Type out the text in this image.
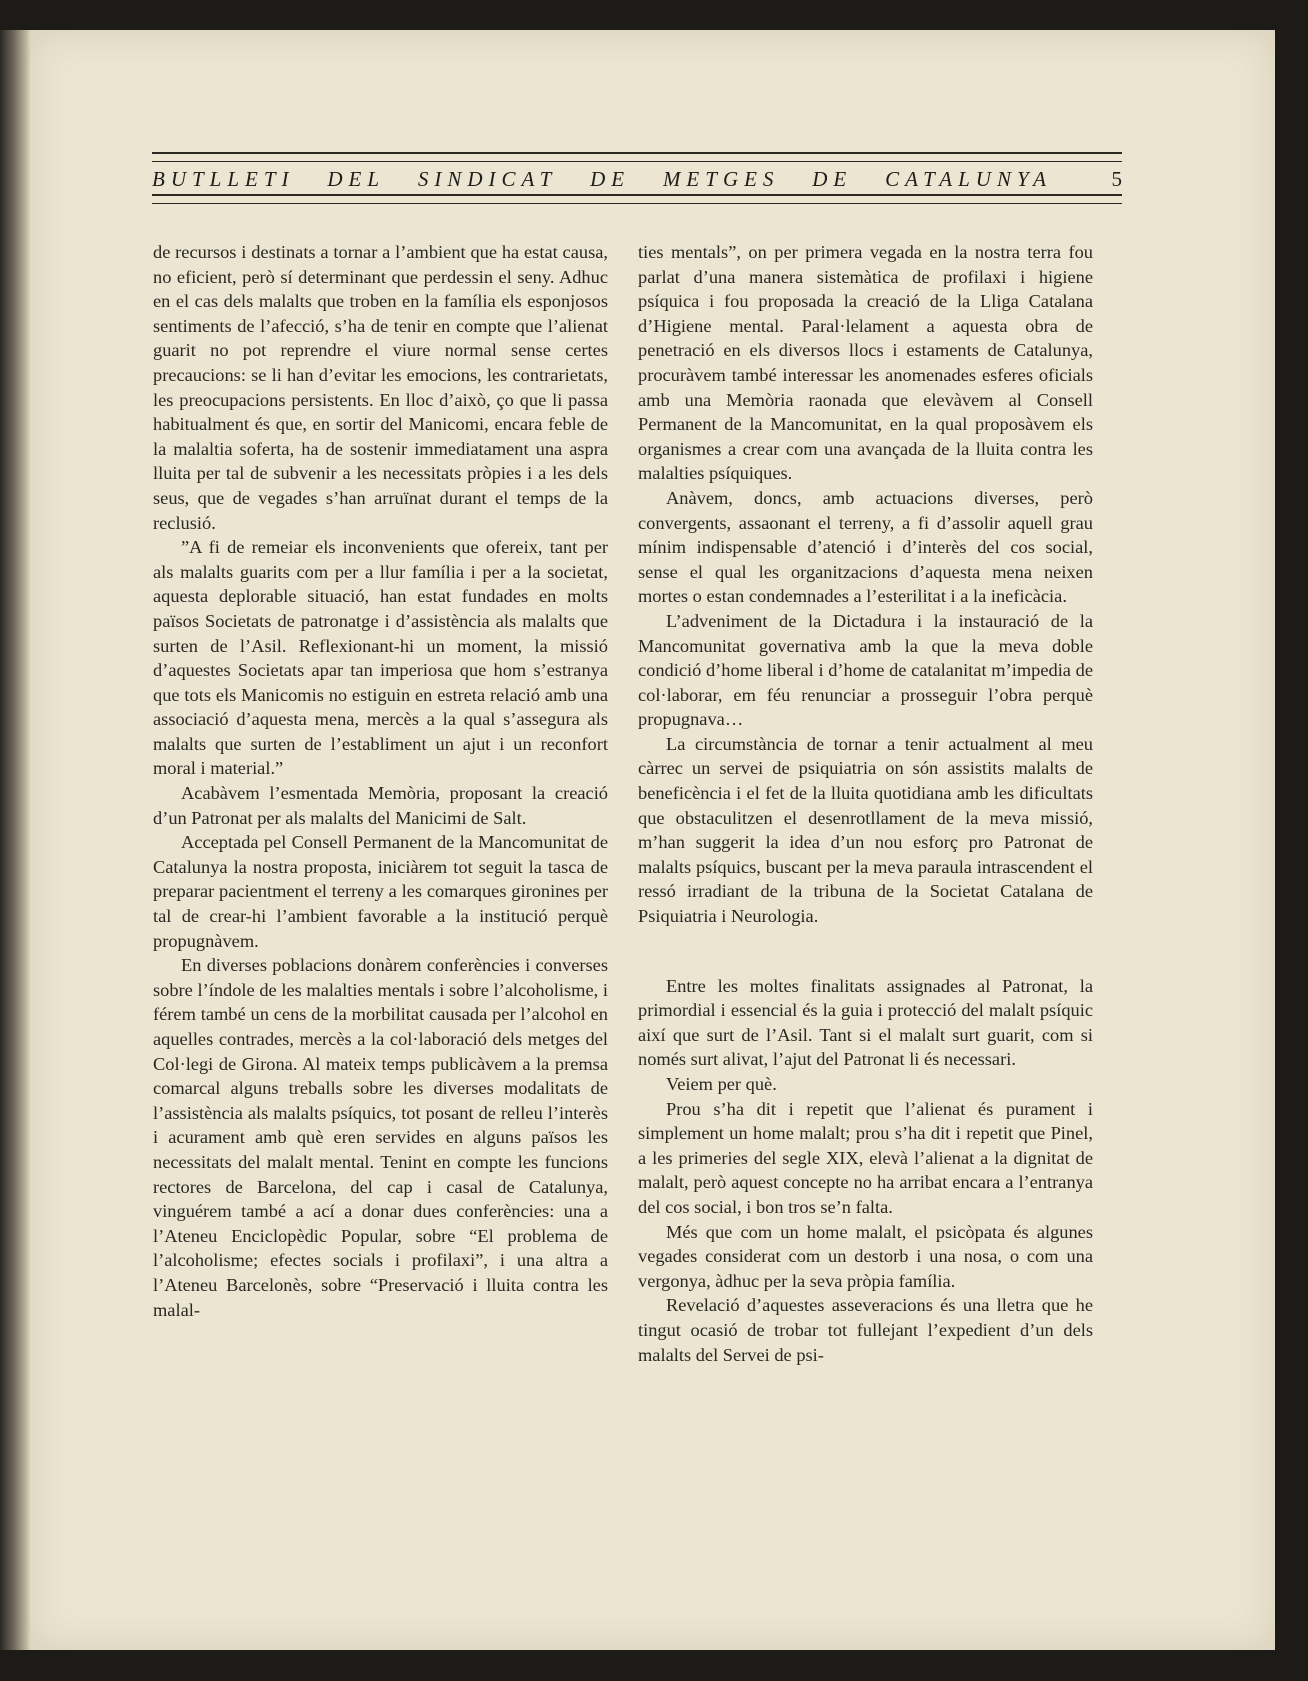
BUTLLETI DEL SINDICAT DE METGES DE CATALUNYA	5

de recursos i destinats a tornar a l’ambient que ha estat causa, no eficient, però sí determinant que perdessin el seny. Adhuc en el cas dels malalts que troben en la família els esponjosos sentiments de l’afecció, s’ha de tenir en compte que l’alienat guarit no pot reprendre el viure normal sense certes precaucions: se li han d’evitar les emocions, les contrarietats, les preocupacions persistents. En lloc d’això, ço que li passa habitualment és que, en sortir del Manicomi, encara feble de la malaltia soferta, ha de sostenir immediatament una aspra lluita per tal de subvenir a les necessitats pròpies i a les dels seus, que de vegades s’han arruïnat durant el temps de la reclusió.

”A fi de remeiar els inconvenients que ofereix, tant per als malalts guarits com per a llur família i per a la societat, aquesta deplorable situació, han estat fundades en molts països Societats de patronatge i d’assistència als malalts que surten de l’Asil. Reflexionant-hi un moment, la missió d’aquestes Societats apar tan imperiosa que hom s’estranya que tots els Manicomis no estiguin en estreta relació amb una associació d’aquesta mena, mercès a la qual s’assegura als malalts que surten de l’establiment un ajut i un reconfort moral i material.”

Acabàvem l’esmentada Memòria, proposant la creació d’un Patronat per als malalts del Manicimi de Salt.

Acceptada pel Consell Permanent de la Mancomunitat de Catalunya la nostra proposta, iniciàrem tot seguit la tasca de preparar pacientment el terreny a les comarques gironines per tal de crear-hi l’ambient favorable a la institució perquè propugnàvem.

En diverses poblacions donàrem conferències i converses sobre l’índole de les malalties mentals i sobre l’alcoholisme, i férem també un cens de la morbilitat causada per l’alcohol en aquelles contrades, mercès a la col·laboració dels metges del Col·legi de Girona. Al mateix temps publicàvem a la premsa comarcal alguns treballs sobre les diverses modalitats de l’assistència als malalts psíquics, tot posant de relleu l’interès i acurament amb què eren servides en alguns països les necessitats del malalt mental. Tenint en compte les funcions rectores de Barcelona, del cap i casal de Catalunya, vinguérem també a ací a donar dues conferències: una a l’Ateneu Enciclopèdic Popular, sobre “El problema de l’alcoholisme; efectes socials i profilaxi”, i una altra a l’Ateneu Barcelonès, sobre “Preservació i lluita contra les malal-

ties mentals”, on per primera vegada en la nostra terra fou parlat d’una manera sistemàtica de profilaxi i higiene psíquica i fou proposada la creació de la Lliga Catalana d’Higiene mental. Paral·lelament a aquesta obra de penetració en els diversos llocs i estaments de Catalunya, procuràvem també interessar les anomenades esferes oficials amb una Memòria raonada que elevàvem al Consell Permanent de la Mancomunitat, en la qual proposàvem els organismes a crear com una avançada de la lluita contra les malalties psíquiques.

Anàvem, doncs, amb actuacions diverses, però convergents, assaonant el terreny, a fi d’assolir aquell grau mínim indispensable d’atenció i d’interès del cos social, sense el qual les organitzacions d’aquesta mena neixen mortes o estan condemnades a l’esterilitat i a la ineficàcia.

L’adveniment de la Dictadura i la instauració de la Mancomunitat governativa amb la que la meva doble condició d’home liberal i d’home de catalanitat m’impedia de col·laborar, em féu renunciar a prosseguir l’obra perquè propugnava…

La circumstància de tornar a tenir actualment al meu càrrec un servei de psiquiatria on són assistits malalts de beneficència i el fet de la lluita quotidiana amb les dificultats que obstaculitzen el desenrotllament de la meva missió, m’han suggerit la idea d’un nou esforç pro Patronat de malalts psíquics, buscant per la meva paraula intrascendent el ressó irradiant de la tribuna de la Societat Catalana de Psiquiatria i Neurologia.

Entre les moltes finalitats assignades al Patronat, la primordial i essencial és la guia i protecció del malalt psíquic així que surt de l’Asil. Tant si el malalt surt guarit, com si només surt alivat, l’ajut del Patronat li és necessari.

Veiem per què.

Prou s’ha dit i repetit que l’alienat és purament i simplement un home malalt; prou s’ha dit i repetit que Pinel, a les primeries del segle XIX, elevà l’alienat a la dignitat de malalt, però aquest concepte no ha arribat encara a l’entranya del cos social, i bon tros se’n falta.

Més que com un home malalt, el psicòpata és algunes vegades considerat com un destorb i una nosa, o com una vergonya, àdhuc per la seva pròpia família.

Revelació d’aquestes asseveracions és una lletra que he tingut ocasió de trobar tot fullejant l’expedient d’un dels malalts del Servei de psi-
